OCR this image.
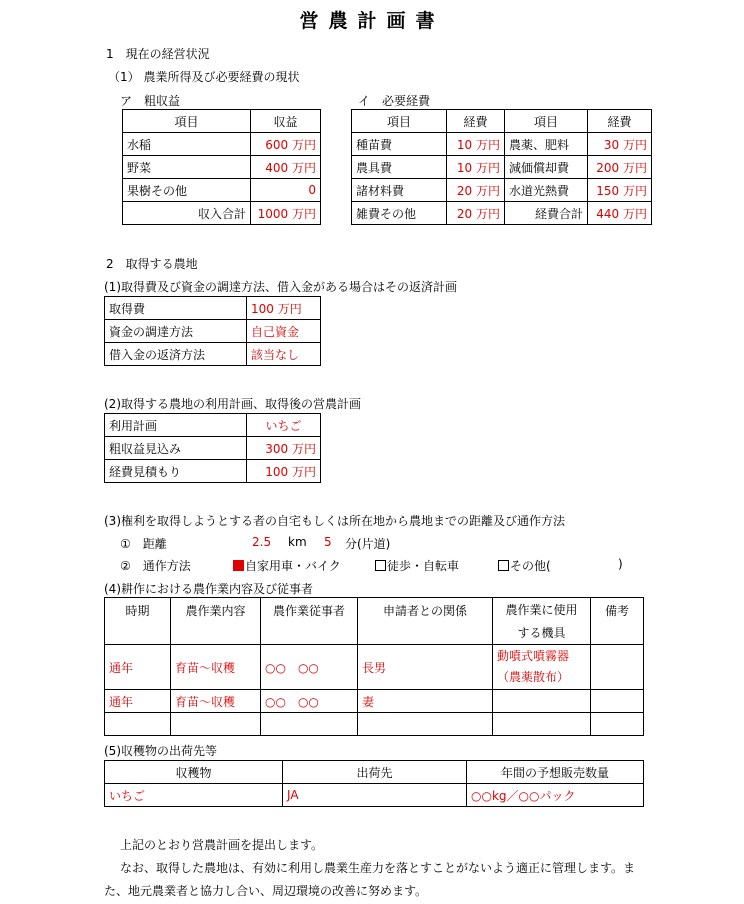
営農計画書
1　現在の経営状況
（1） 農業所得及び必要経費の現状
ア　粗収益	イ　必要経費
項目	収益
水稲	600 万円
野菜	400 万円
果樹その他	0
収入合計	1000 万円
項目	経費	項目	経費
種苗費	10 万円	農薬、肥料	30 万円
農具費	10 万円	減価償却費	200 万円
諸材料費	20 万円	水道光熱費	150 万円
雑費その他	20 万円	経費合計	440 万円
2　取得する農地
(1)取得費及び資金の調達方法、借入金がある場合はその返済計画
取得費	100 万円
資金の調達方法	自己資金
借入金の返済方法	該当なし
(2)取得する農地の利用計画、取得後の営農計画
利用計画	いちご
粗収益見込み	300 万円
経費見積もり	100 万円
(3)権利を取得しようとする者の自宅もしくは所在地から農地までの距離及び通作方法
①　距離	2.5 km 5 分(片道)
②　通作方法	自家用車・バイク	徒歩・自転車	その他(	)
(4)耕作における農作業内容及び従事者
時期	農作業内容	農作業従事者	申請者との関係	農作業に使用	備考
				する機具	
通年	育苗～収穫	○○　○○	長男	動噴式噴霧器
（農薬散布）	

通年	育苗～収穫	○○　○○	妻		

(5)収穫物の出荷先等
収穫物	出荷先	年間の予想販売数量
いちご	JA	○○kg／○○パック
上記のとおり営農計画を提出します。
なお、取得した農地は、有効に利用し農業生産力を落とすことがないよう適正に管理します。ま
た、地元農業者と協力し合い、周辺環境の改善に努めます。
